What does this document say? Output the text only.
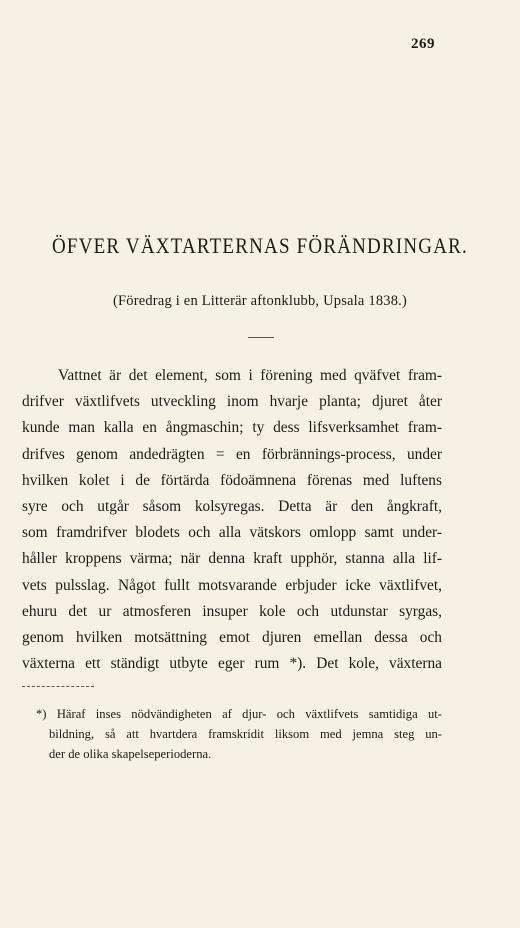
269
ÖFVER VÄXTARTERNAS FÖRÄNDRINGAR.
(Föredrag i en Litterär aftonklubb, Upsala 1838.)
Vattnet är det element, som i förening med qväfvet fram-
drifver växtlifvets utveckling inom hvarje planta; djuret åter
kunde man kalla en ångmaschin; ty dess lifsverksamhet fram-
drifves genom andedrägten = en förbrännings-process, under
hvilken kolet i de förtärda födoämnena förenas med luftens
syre och utgår såsom kolsyregas. Detta är den ångkraft,
som framdrifver blodets och alla vätskors omlopp samt under-
håller kroppens värma; när denna kraft upphör, stanna alla lif-
vets pulsslag. Något fullt motsvarande erbjuder icke växtlifvet,
ehuru det ur atmosferen insuper kole och utdunstar syrgas,
genom hvilken motsättning emot djuren emellan dessa och
växterna ett ständigt utbyte eger rum *). Det kole, växterna
*) Häraf inses nödvändigheten af djur- och växtlifvets samtidiga ut-
bildning, så att hvartdera framskridit liksom med jemna steg un-
der de olika skapelseperioderna.
